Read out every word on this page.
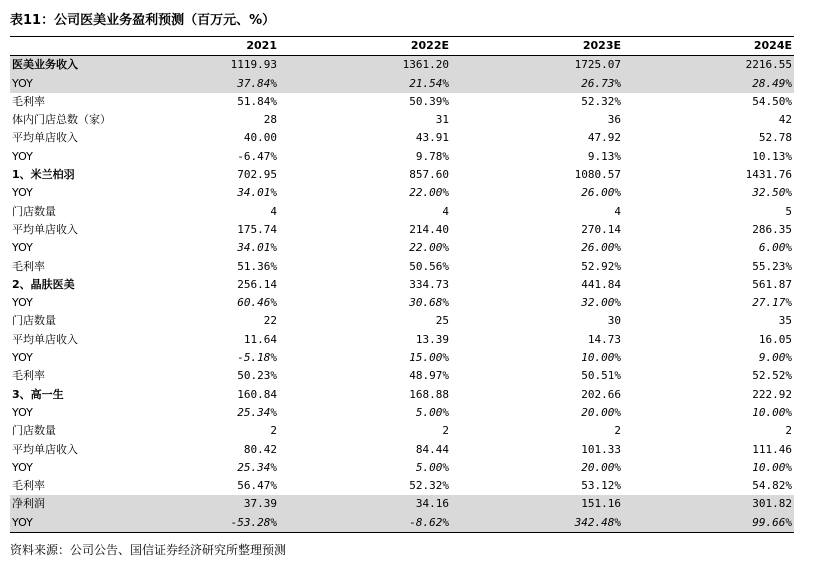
表11：公司医美业务盈利预测（百万元、%）
	2021	2022E	2023E	2024E
医美业务收入	1119.93	1361.20	1725.07	2216.55
YOY	37.84%	21.54%	26.73%	28.49%
毛利率	51.84%	50.39%	52.32%	54.50%
体内门店总数（家）	28	31	36	42
平均单店收入	40.00	43.91	47.92	52.78
YOY	-6.47%	9.78%	9.13%	10.13%
1、米兰柏羽	702.95	857.60	1080.57	1431.76
YOY	34.01%	22.00%	26.00%	32.50%
门店数量	4	4	4	5
平均单店收入	175.74	214.40	270.14	286.35
YOY	34.01%	22.00%	26.00%	6.00%
毛利率	51.36%	50.56%	52.92%	55.23%
2、晶肤医美	256.14	334.73	441.84	561.87
YOY	60.46%	30.68%	32.00%	27.17%
门店数量	22	25	30	35
平均单店收入	11.64	13.39	14.73	16.05
YOY	-5.18%	15.00%	10.00%	9.00%
毛利率	50.23%	48.97%	50.51%	52.52%
3、高一生	160.84	168.88	202.66	222.92
YOY	25.34%	5.00%	20.00%	10.00%
门店数量	2	2	2	2
平均单店收入	80.42	84.44	101.33	111.46
YOY	25.34%	5.00%	20.00%	10.00%
毛利率	56.47%	52.32%	53.12%	54.82%
净利润	37.39	34.16	151.16	301.82
YOY	-53.28%	-8.62%	342.48%	99.66%
资料来源：公司公告、国信证券经济研究所整理预测
